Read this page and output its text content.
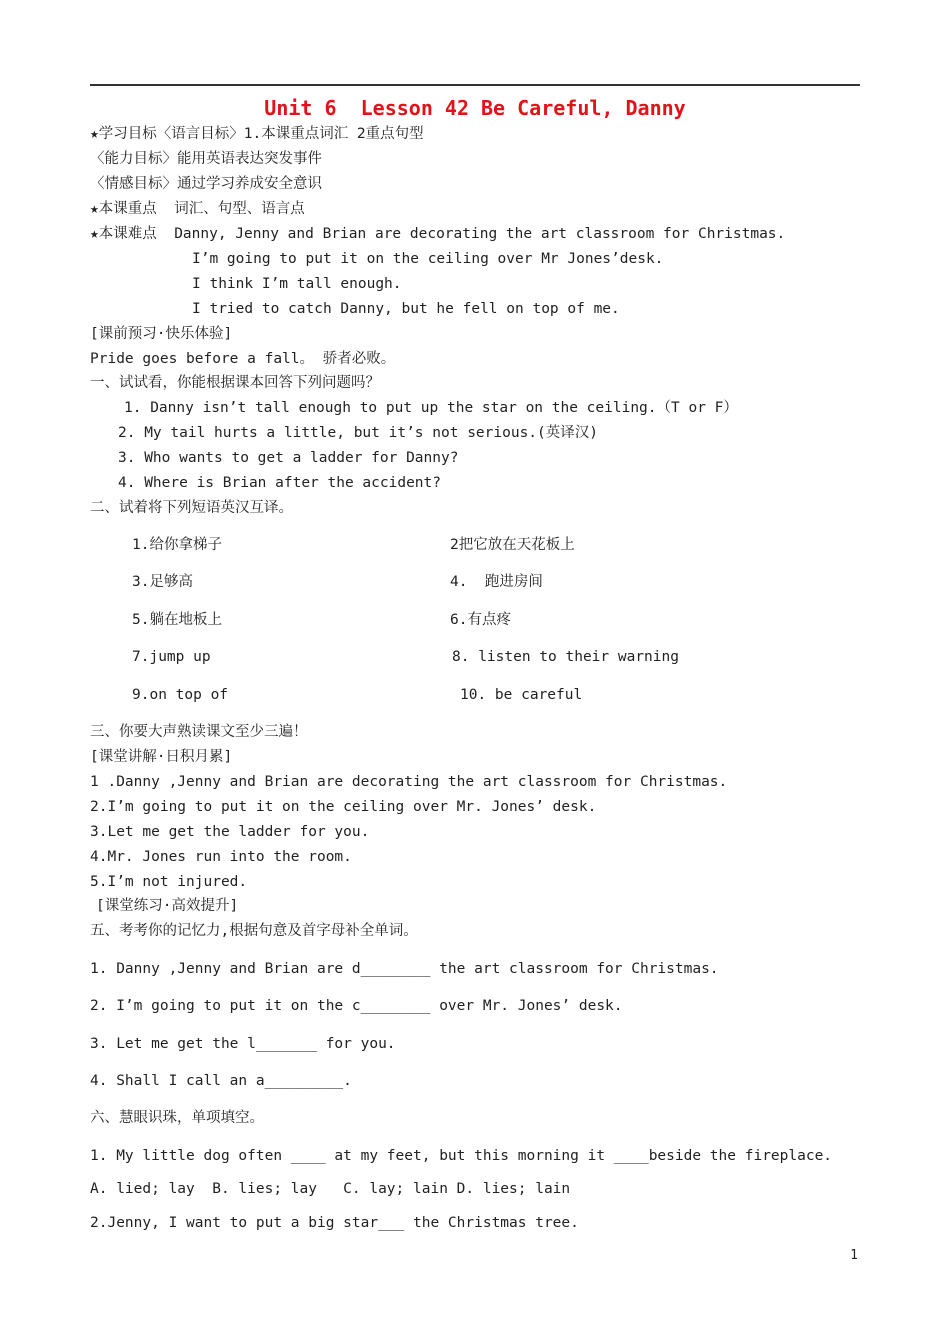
Unit 6  Lesson 42 Be Careful, Danny
★学习目标〈语言目标〉1.本课重点词汇 2重点句型
〈能力目标〉能用英语表达突发事件
〈情感目标〉通过学习养成安全意识
★本课重点  词汇、句型、语言点
★本课难点  Danny, Jenny and Brian are decorating the art classroom for Christmas.
I’m going to put it on the ceiling over Mr Jones’desk.
I think I’m tall enough.
I tried to catch Danny, but he fell on top of me.
[课前预习·快乐体验]
Pride goes before a fall。 骄者必败。
一、试试看，你能根据课本回答下列问题吗？
1. Danny isn’t tall enough to put up the star on the ceiling.（T or F）
2. My tail hurts a little, but it’s not serious.(英译汉)
3. Who wants to get a ladder for Danny?
4. Where is Brian after the accident?
二、试着将下列短语英汉互译。
1.给你拿梯子	2把它放在天花板上
3.足够高	4.  跑进房间
5.躺在地板上	6.有点疼
7.jump up	8. listen to their warning
9.on top of	10. be careful
三、你要大声熟读课文至少三遍！
[课堂讲解·日积月累]
1 .Danny ,Jenny and Brian are decorating the art classroom for Christmas.
2.I’m going to put it on the ceiling over Mr. Jones’ desk.
3.Let me get the ladder for you.
4.Mr. Jones run into the room.
5.I’m not injured.
[课堂练习·高效提升]
五、考考你的记忆力,根据句意及首字母补全单词。
1. Danny ,Jenny and Brian are d________ the art classroom for Christmas.
2. I’m going to put it on the c________ over Mr. Jones’ desk.
3. Let me get the l_______ for you.
4. Shall I call an a_________.
六、慧眼识珠，单项填空。
1. My little dog often ____ at my feet, but this morning it ____beside the fireplace.
A. lied; lay  B. lies; lay   C. lay; lain D. lies; lain
2.Jenny, I want to put a big star___ the Christmas tree.
1
